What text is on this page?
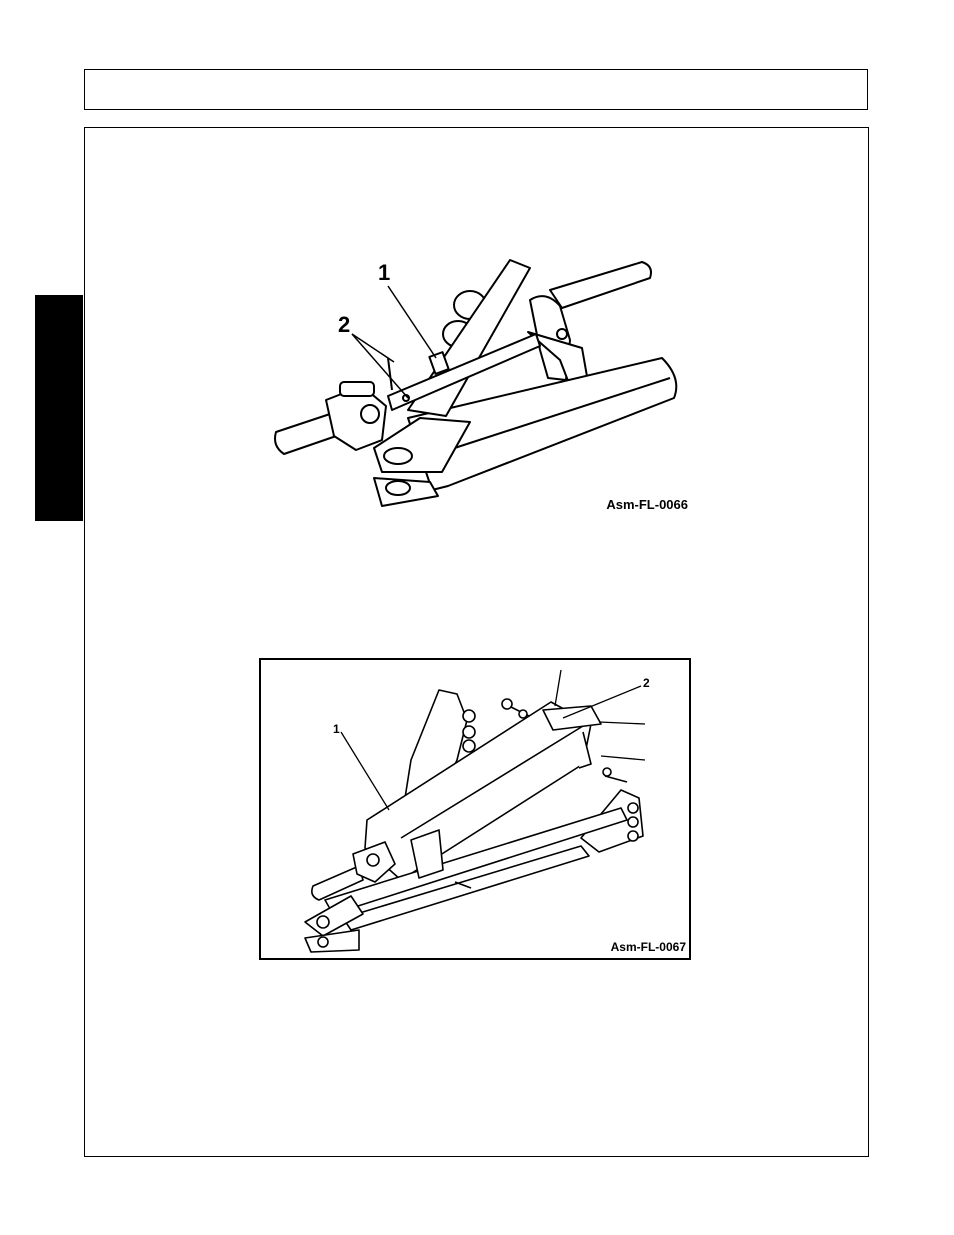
1
2
Asm-FL-0066
1
2
Asm-FL-0067
